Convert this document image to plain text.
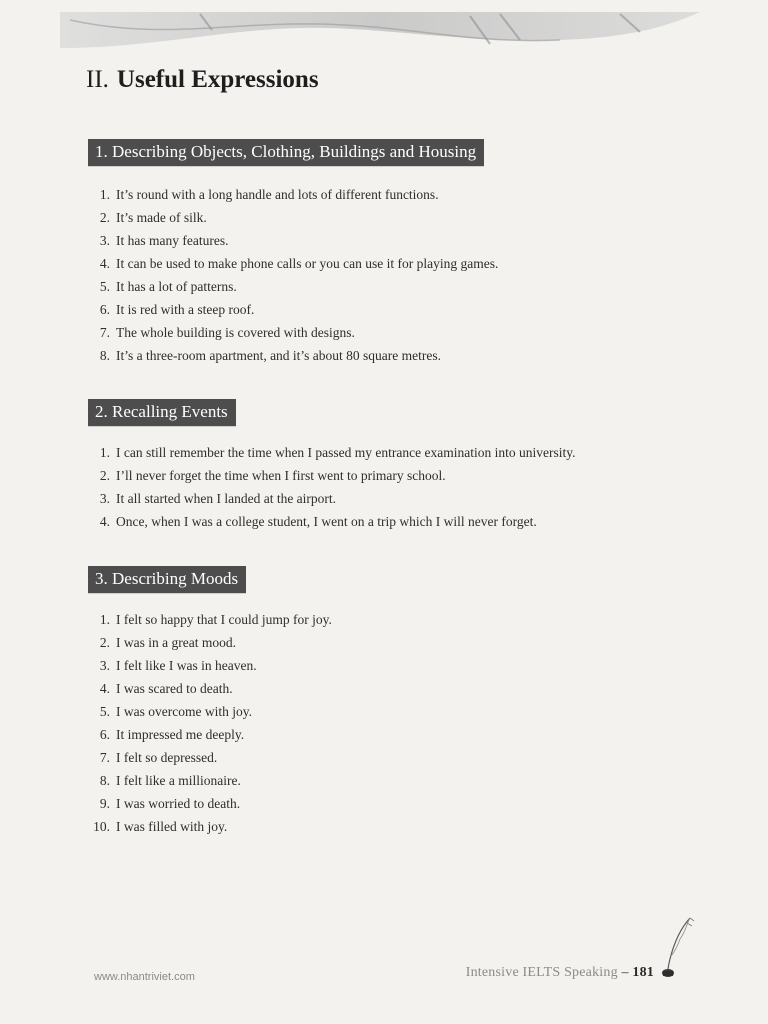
II. Useful Expressions
1. Describing Objects, Clothing, Buildings and Housing
1. It’s round with a long handle and lots of different functions.
2. It’s made of silk.
3. It has many features.
4. It can be used to make phone calls or you can use it for playing games.
5. It has a lot of patterns.
6. It is red with a steep roof.
7. The whole building is covered with designs.
8. It’s a three-room apartment, and it’s about 80 square metres.
2. Recalling Events
1. I can still remember the time when I passed my entrance examination into university.
2. I’ll never forget the time when I first went to primary school.
3. It all started when I landed at the airport.
4. Once, when I was a college student, I went on a trip which I will never forget.
3. Describing Moods
1. I felt so happy that I could jump for joy.
2. I was in a great mood.
3. I felt like I was in heaven.
4. I was scared to death.
5. I was overcome with joy.
6. It impressed me deeply.
7. I felt so depressed.
8. I felt like a millionaire.
9. I was worried to death.
10. I was filled with joy.
www.nhantriviet.com	Intensive IELTS Speaking – 181
